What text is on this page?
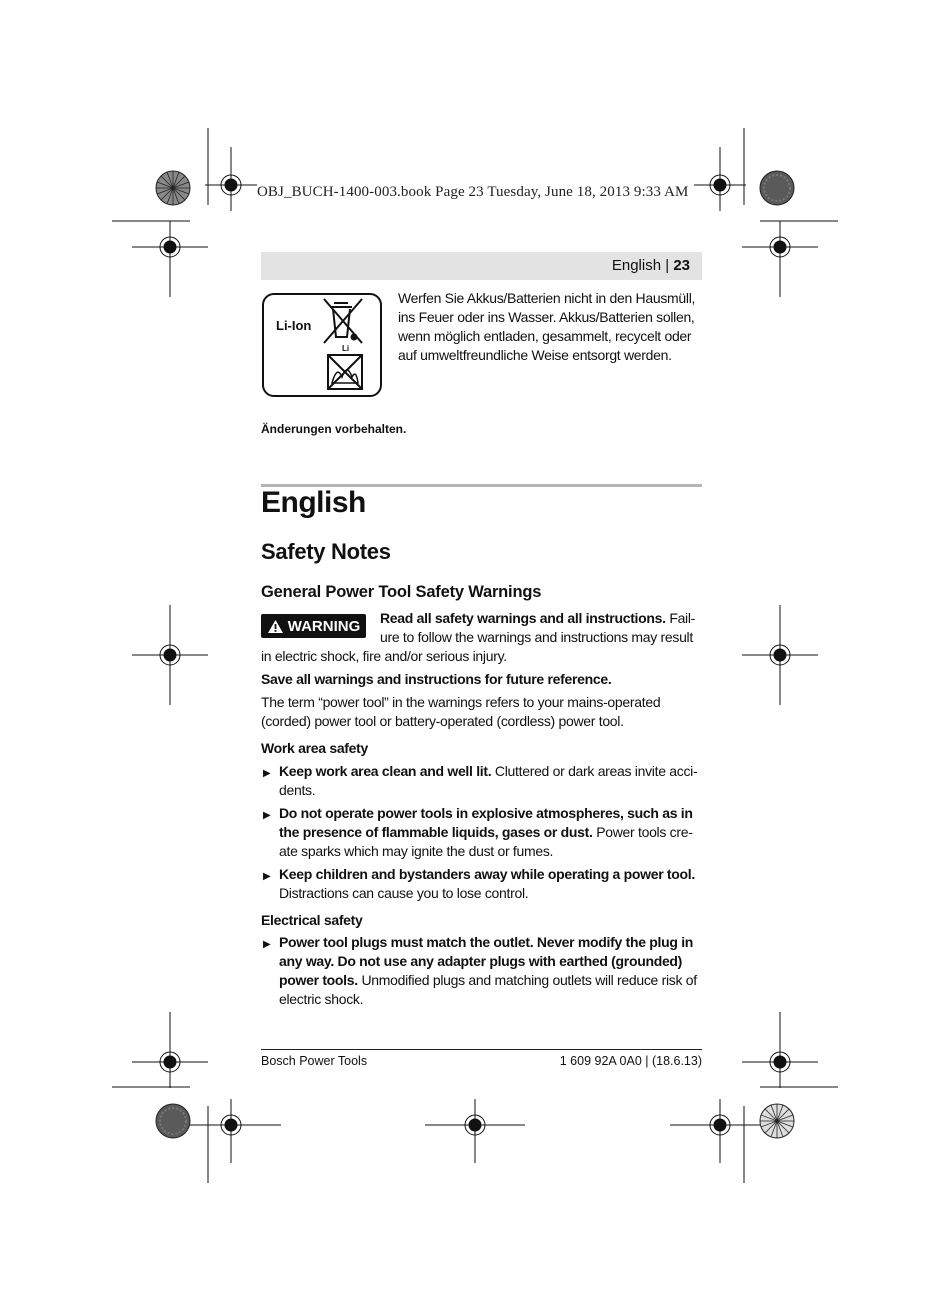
OBJ_BUCH-1400-003.book Page 23 Tuesday, June 18, 2013 9:33 AM
English | 23
Li-Ion
Li

Werfen Sie Akkus/Batterien nicht in den Hausmüll,

ins Feuer oder ins Wasser. Akkus/Batterien sollen,

wenn möglich entladen, gesammelt, recycelt oder

auf umweltfreundliche Weise entsorgt werden.

Änderungen vorbehalten.
English
Safety Notes
General Power Tool Safety Warnings
WARNING Read all safety warnings and all instructions. Fail-
ure to follow the warnings and instructions may result
in electric shock, fire and/or serious injury.
Save all warnings and instructions for future reference.
The term “power tool” in the warnings refers to your mains-operated
(corded) power tool or battery-operated (cordless) power tool.
Work area safety
▶ Keep work area clean and well lit. Cluttered or dark areas invite acci-
dents.
▶ Do not operate power tools in explosive atmospheres, such as in
the presence of flammable liquids, gases or dust. Power tools cre-
ate sparks which may ignite the dust or fumes.
▶ Keep children and bystanders away while operating a power tool.
Distractions can cause you to lose control.
Electrical safety
▶ Power tool plugs must match the outlet. Never modify the plug in
any way. Do not use any adapter plugs with earthed (grounded)
power tools. Unmodified plugs and matching outlets will reduce risk of
electric shock.
Bosch Power Tools	1 609 92A 0A0 | (18.6.13)
